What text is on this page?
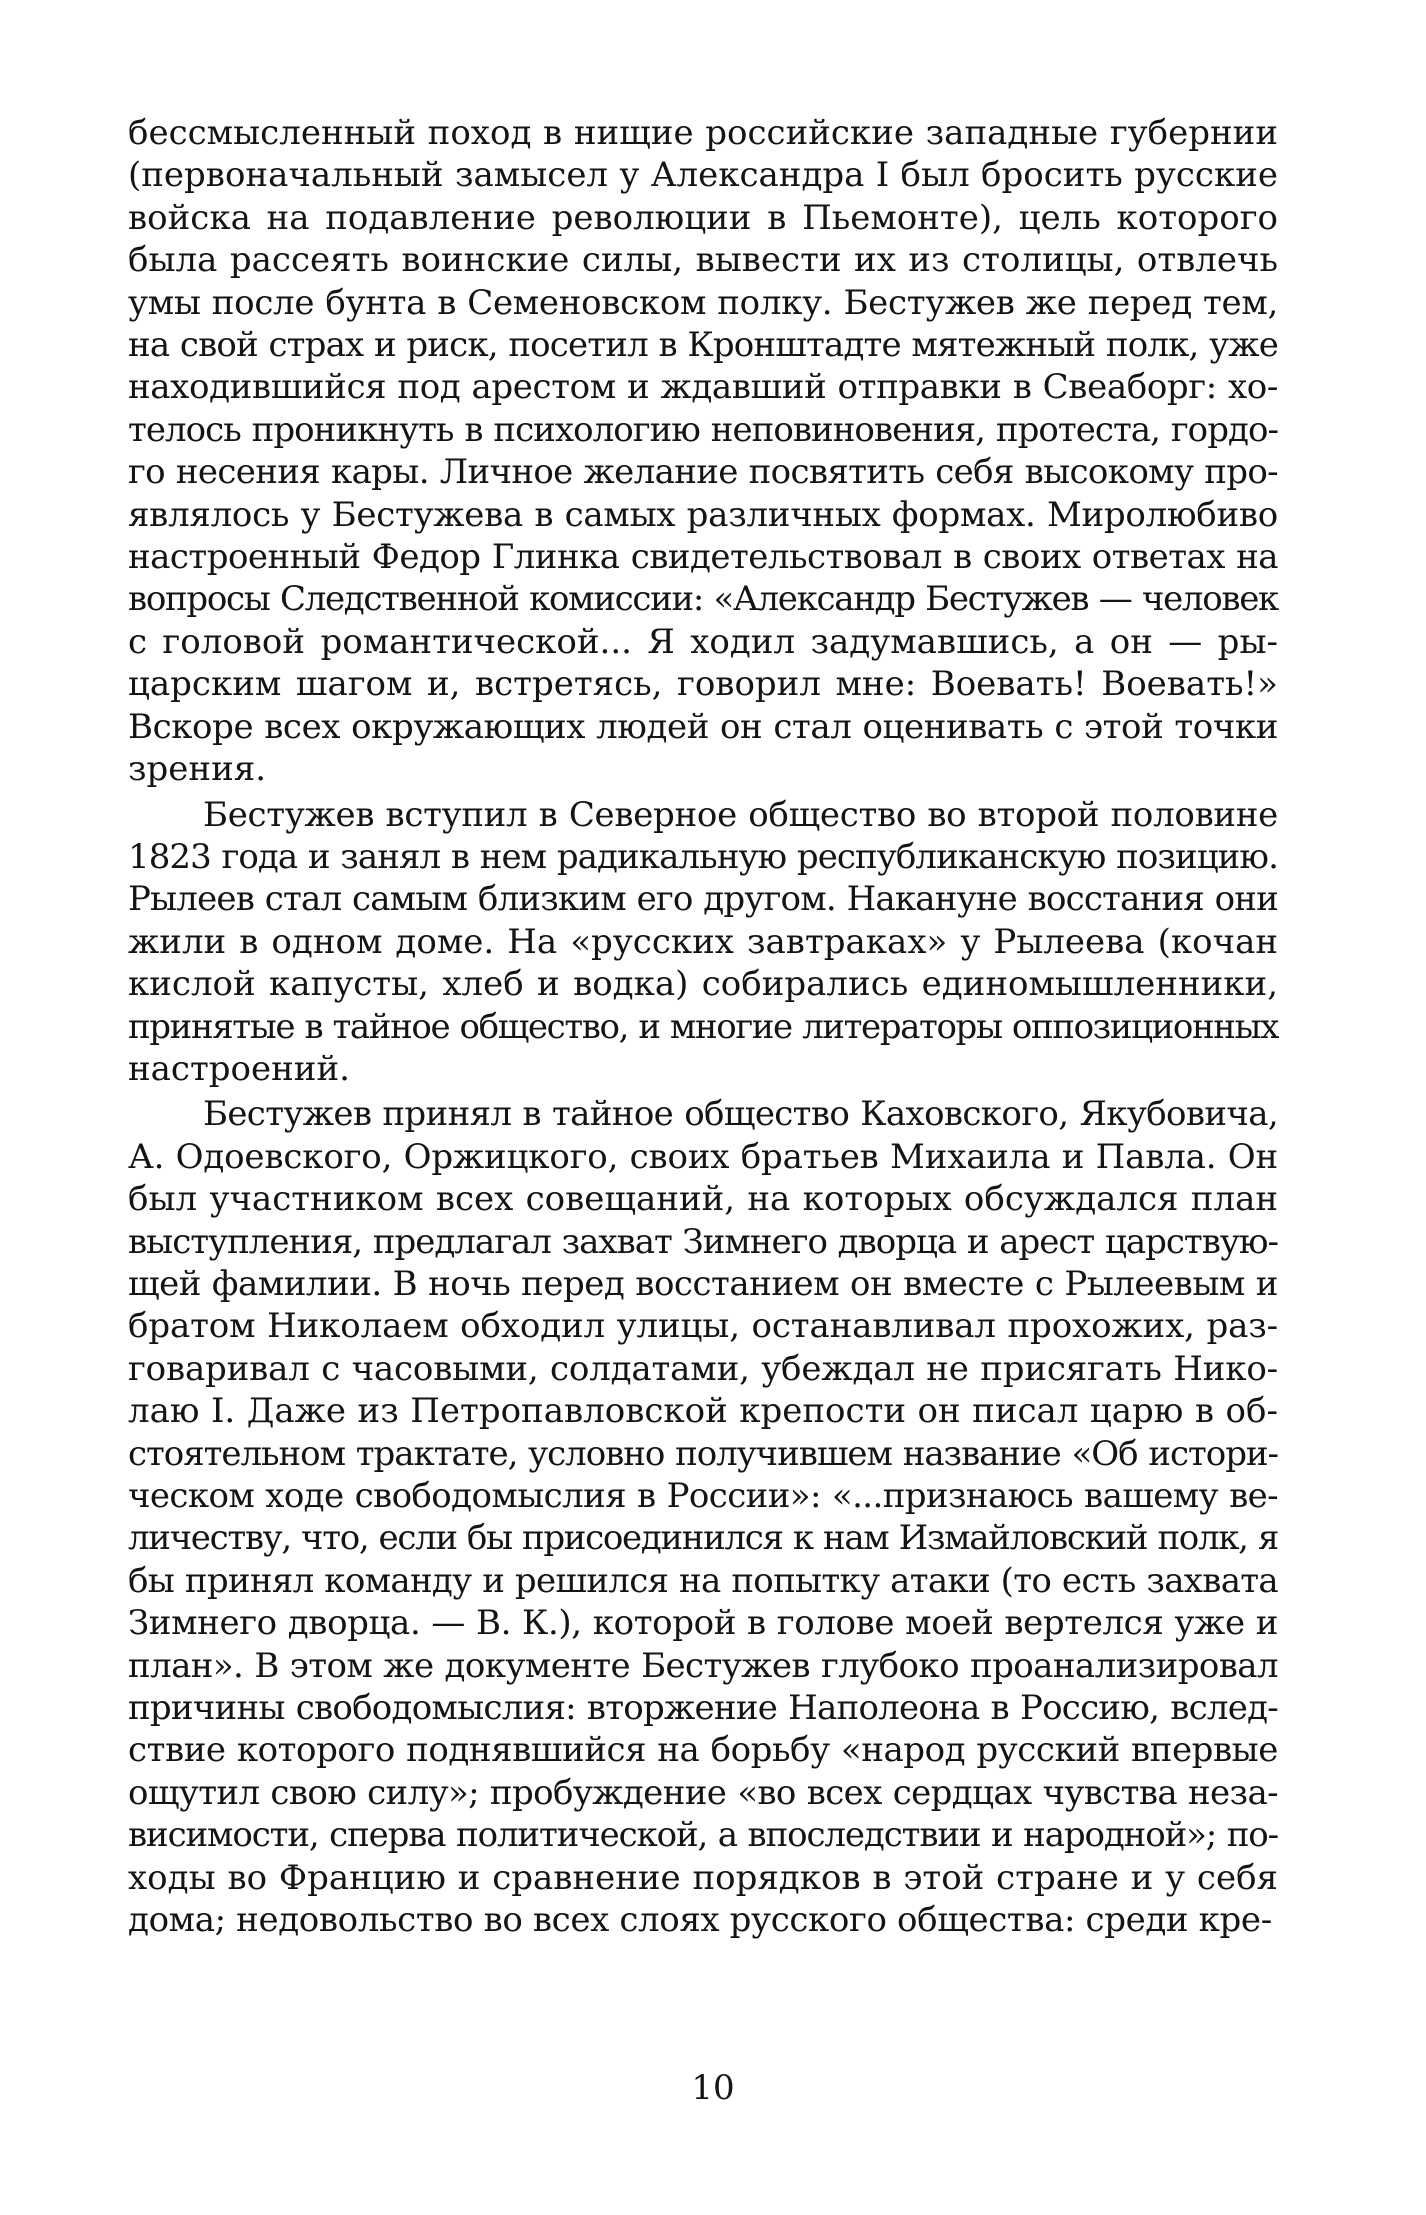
бессмысленный поход в нищие российские западные губернии
(первоначальный замысел у Александра I был бросить русские
войска на подавление революции в Пьемонте), цель которого
была рассеять воинские силы, вывести их из столицы, отвлечь
умы после бунта в Семеновском полку. Бестужев же перед тем,
на свой страх и риск, посетил в Кронштадте мятежный полк, уже
находившийся под арестом и ждавший отправки в Свеаборг: хо-
телось проникнуть в психологию неповиновения, протеста, гордо-
го несения кары. Личное желание посвятить себя высокому про-
являлось у Бестужева в самых различных формах. Миролюбиво
настроенный Федор Глинка свидетельствовал в своих ответах на
вопросы Следственной комиссии: «Александр Бестужев — человек
с головой романтической... Я ходил задумавшись, а он — ры-
царским шагом и, встретясь, говорил мне: Воевать! Воевать!»
Вскоре всех окружающих людей он стал оценивать с этой точки
зрения.
Бестужев вступил в Северное общество во второй половине
1823 года и занял в нем радикальную республиканскую позицию.
Рылеев стал самым близким его другом. Накануне восстания они
жили в одном доме. На «русских завтраках» у Рылеева (кочан
кислой капусты, хлеб и водка) собирались единомышленники,
принятые в тайное общество, и многие литераторы оппозиционных
настроений.
Бестужев принял в тайное общество Каховского, Якубовича,
А. Одоевского, Оржицкого, своих братьев Михаила и Павла. Он
был участником всех совещаний, на которых обсуждался план
выступления, предлагал захват Зимнего дворца и арест царствую-
щей фамилии. В ночь перед восстанием он вместе с Рылеевым и
братом Николаем обходил улицы, останавливал прохожих, раз-
говаривал с часовыми, солдатами, убеждал не присягать Нико-
лаю I. Даже из Петропавловской крепости он писал царю в об-
стоятельном трактате, условно получившем название «Об истори-
ческом ходе свободомыслия в России»: «...признаюсь вашему ве-
личеству, что, если бы присоединился к нам Измайловский полк, я
бы принял команду и решился на попытку атаки (то есть захвата
Зимнего дворца. — В. К.), которой в голове моей вертелся уже и
план». В этом же документе Бестужев глубоко проанализировал
причины свободомыслия: вторжение Наполеона в Россию, вслед-
ствие которого поднявшийся на борьбу «народ русский впервые
ощутил свою силу»; пробуждение «во всех сердцах чувства неза-
висимости, сперва политической, а впоследствии и народной»; по-
ходы во Францию и сравнение порядков в этой стране и у себя
дома; недовольство во всех слоях русского общества: среди кре-
10
